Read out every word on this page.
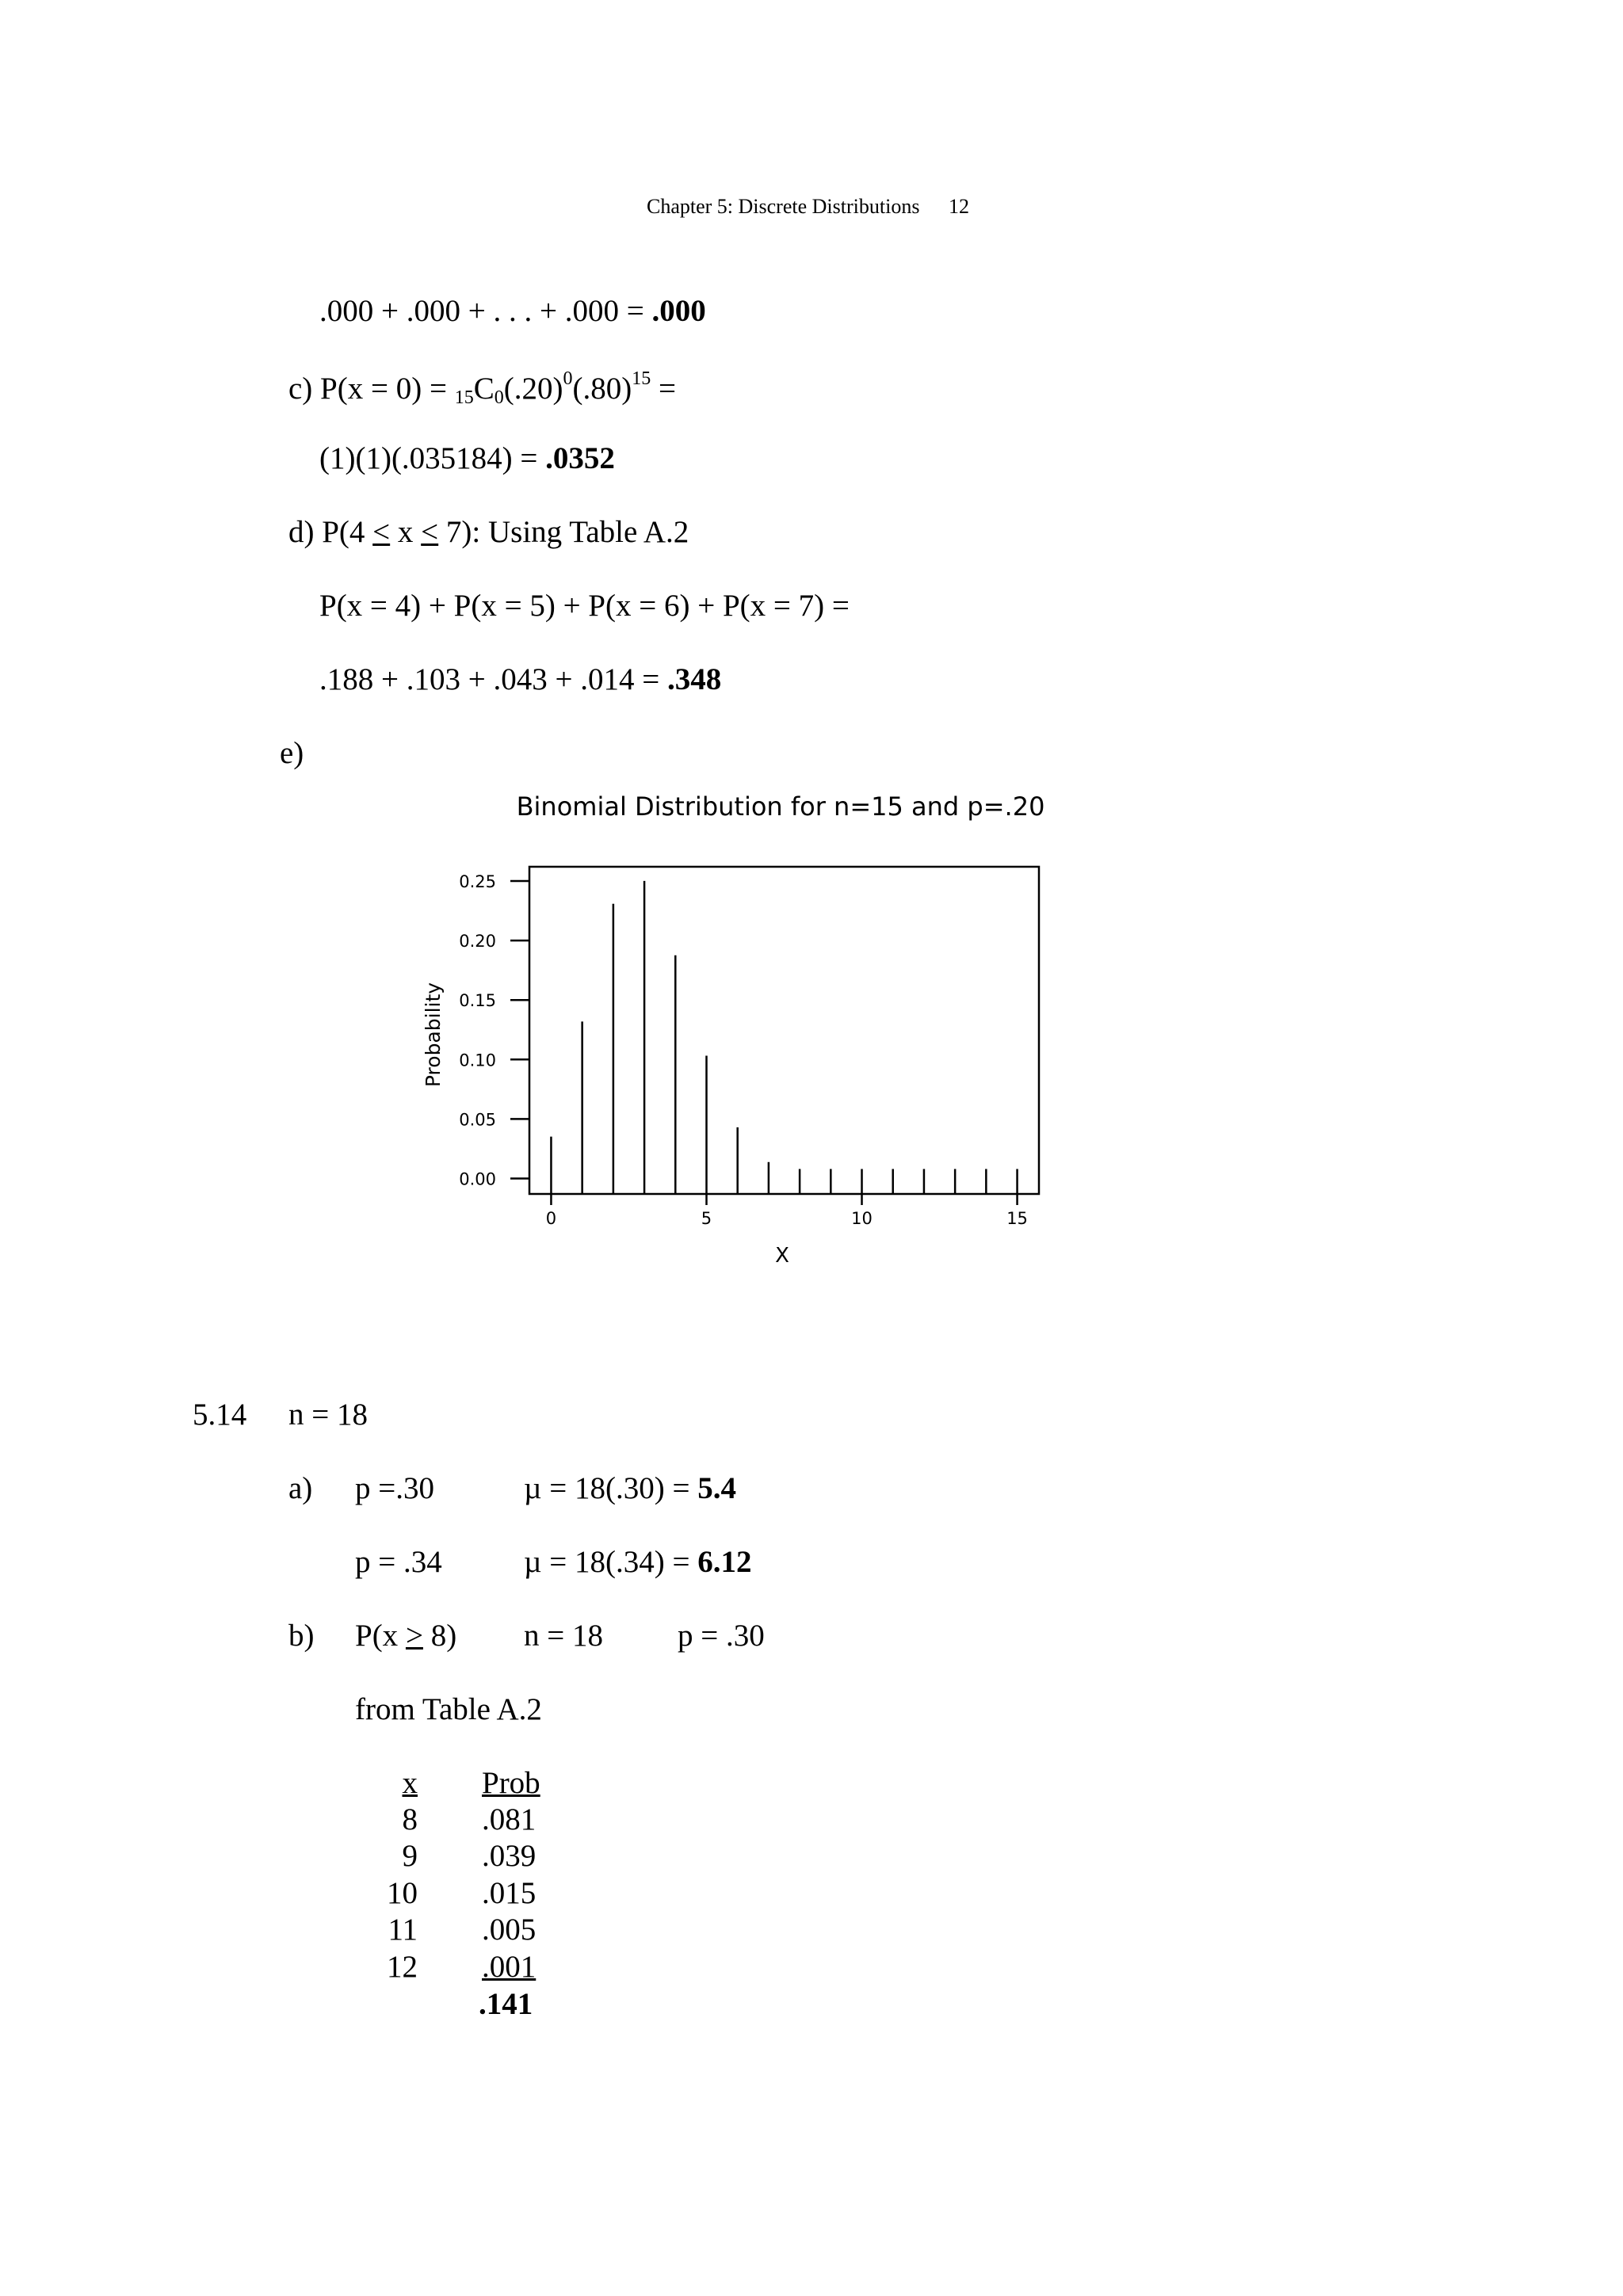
Chapter 5: Discrete Distributions 12
.000 + .000 + . . . + .000 = .000
c) $P(x = 0) = _{15}C_0(.20)^0(.80)^{15}$ =
(1)(1)(.035184) = .0352
d) P(4 ≤ x ≤ 7): Using Table A.2
P(x = 4) + P(x = 5) + P(x = 6) + P(x = 7) =
.188 + .103 + .043 + .014 = .348
e)
Binomial Distribution for n=15 and p=.20
0.00
0.05
0.10
0.15
0.20
0.25
0	5	10	15
Probability
X
5.14 n = 18
a) p =.30	µ = 18(.30) = 5.4
p = .34	µ = 18(.34) = 6.12
b) P(x ≥ 8) n = 18 p = .30
from Table A.2
x Prob
8 .081
9 .039
10 .015
11 .005
12 .001
.141
